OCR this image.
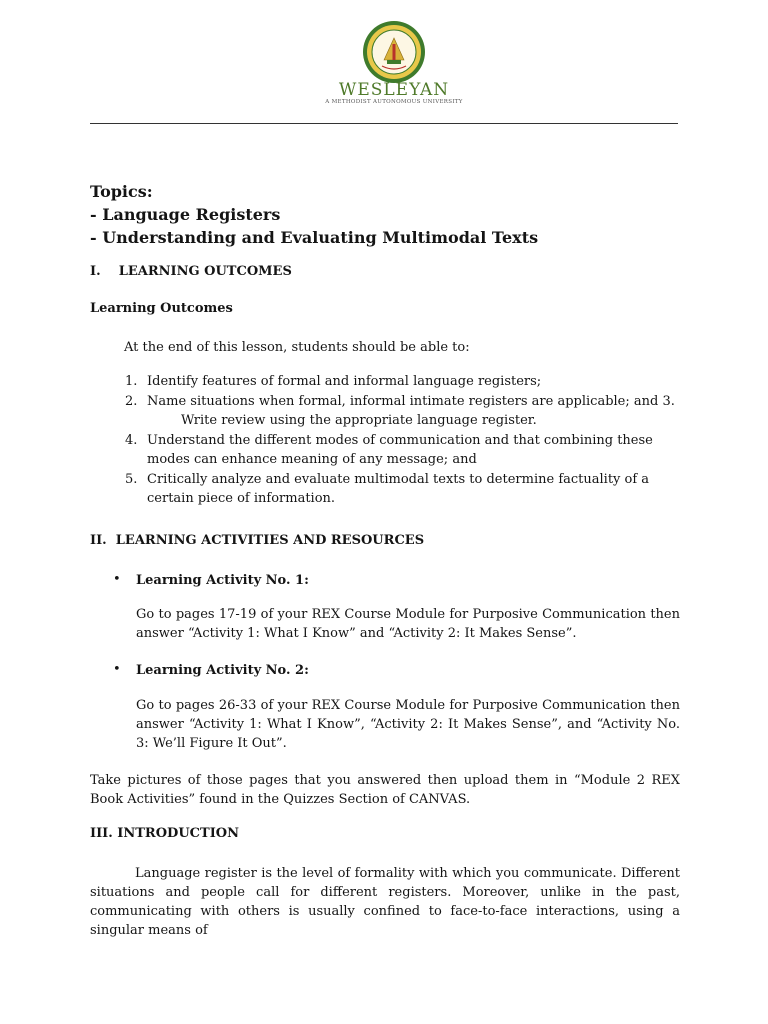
WESLEYAN
A METHODIST AUTONOMOUS UNIVERSITY

Topics:

- Language Registers

- Understanding and Evaluating Multimodal Texts

I. LEARNING OUTCOMES
Learning Outcomes
At the end of this lesson, students should be able to:
1. Identify features of formal and informal language registers;
2. Name situations when formal, informal intimate registers are applicable; and 3.
Write review using the appropriate language register.
4. Understand the different modes of communication and that combining these modes can enhance meaning of any message; and
5. Critically analyze and evaluate multimodal texts to determine factuality of a certain piece of information.
II. LEARNING ACTIVITIES AND RESOURCES
• Learning Activity No. 1:
Go to pages 17-19 of your REX Course Module for Purposive Communication then answer “Activity 1: What I Know” and “Activity 2: It Makes Sense”.
• Learning Activity No. 2:
Go to pages 26-33 of your REX Course Module for Purposive Communication then answer “Activity 1: What I Know”, “Activity 2: It Makes Sense”, and “Activity No. 3: We’ll Figure It Out”.
Take pictures of those pages that you answered then upload them in “Module 2 REX Book Activities” found in the Quizzes Section of CANVAS.
III. INTRODUCTION
Language register is the level of formality with which you communicate. Different situations and people call for different registers. Moreover, unlike in the past, communicating with others is usually confined to face-to-face interactions, using a singular means of
